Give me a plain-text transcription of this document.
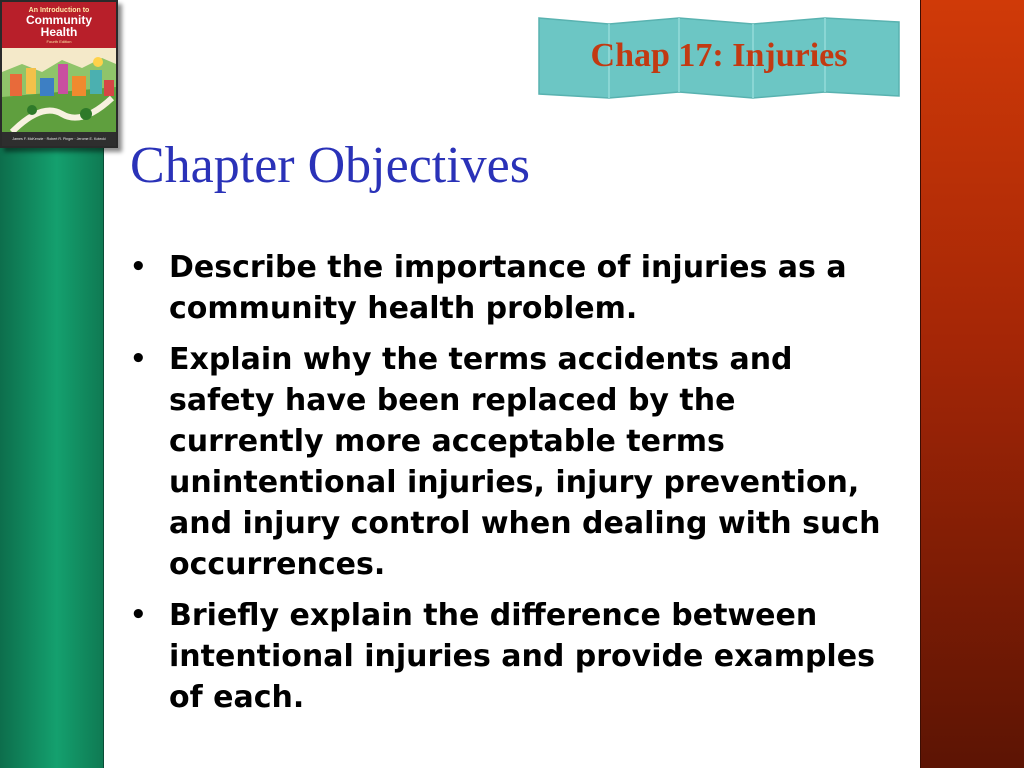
An Introduction to
Community
Health
Fourth Edition
James F. McKenzie · Robert R. Pinger · Jerome E. Kotecki
Chap 17: Injuries
Chapter Objectives
• Describe the importance of injuries as a community health problem.
• Explain why the terms accidents and safety have been replaced by the currently more acceptable terms unintentional injuries, injury prevention, and injury control when dealing with such occurrences.
• Briefly explain the difference between intentional injuries and provide examples of each.
